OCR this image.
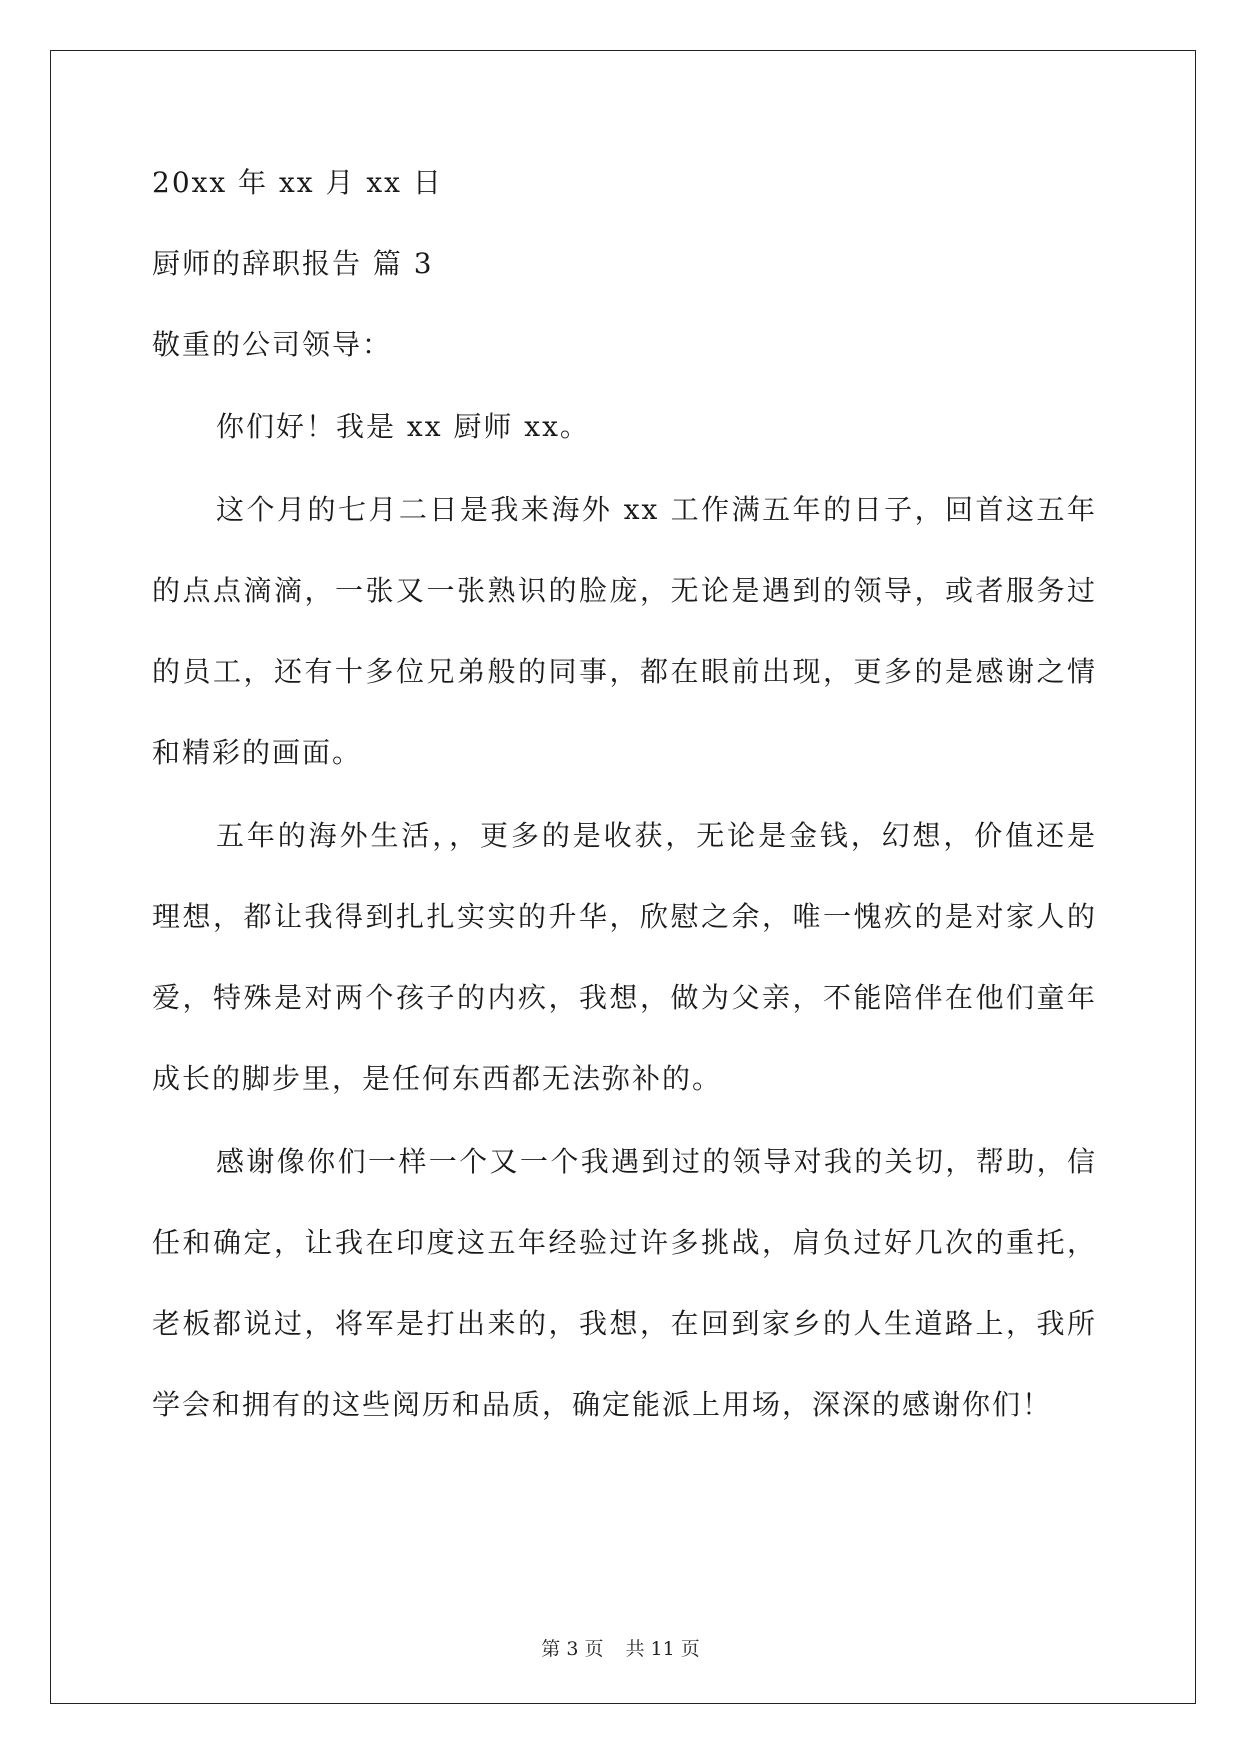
20xx 年 xx 月 xx 日

厨师的辞职报告 篇 3

敬重的公司领导：

你们好！我是 xx 厨师 xx。

这个月的七月二日是我来海外 xx 工作满五年的日子，回首这五年的点点滴滴，一张又一张熟识的脸庞，无论是遇到的领导，或者服务过的员工，还有十多位兄弟般的同事，都在眼前出现，更多的是感谢之情和精彩的画面。

五年的海外生活，，更多的是收获，无论是金钱，幻想，价值还是理想，都让我得到扎扎实实的升华，欣慰之余，唯一愧疚的是对家人的爱，特殊是对两个孩子的内疚，我想，做为父亲，不能陪伴在他们童年成长的脚步里，是任何东西都无法弥补的。

感谢像你们一样一个又一个我遇到过的领导对我的关切，帮助，信任和确定，让我在印度这五年经验过许多挑战，肩负过好几次的重托，老板都说过，将军是打出来的，我想，在回到家乡的人生道路上，我所学会和拥有的这些阅历和品质，确定能派上用场，深深的感谢你们！

第 3 页 共 11 页
